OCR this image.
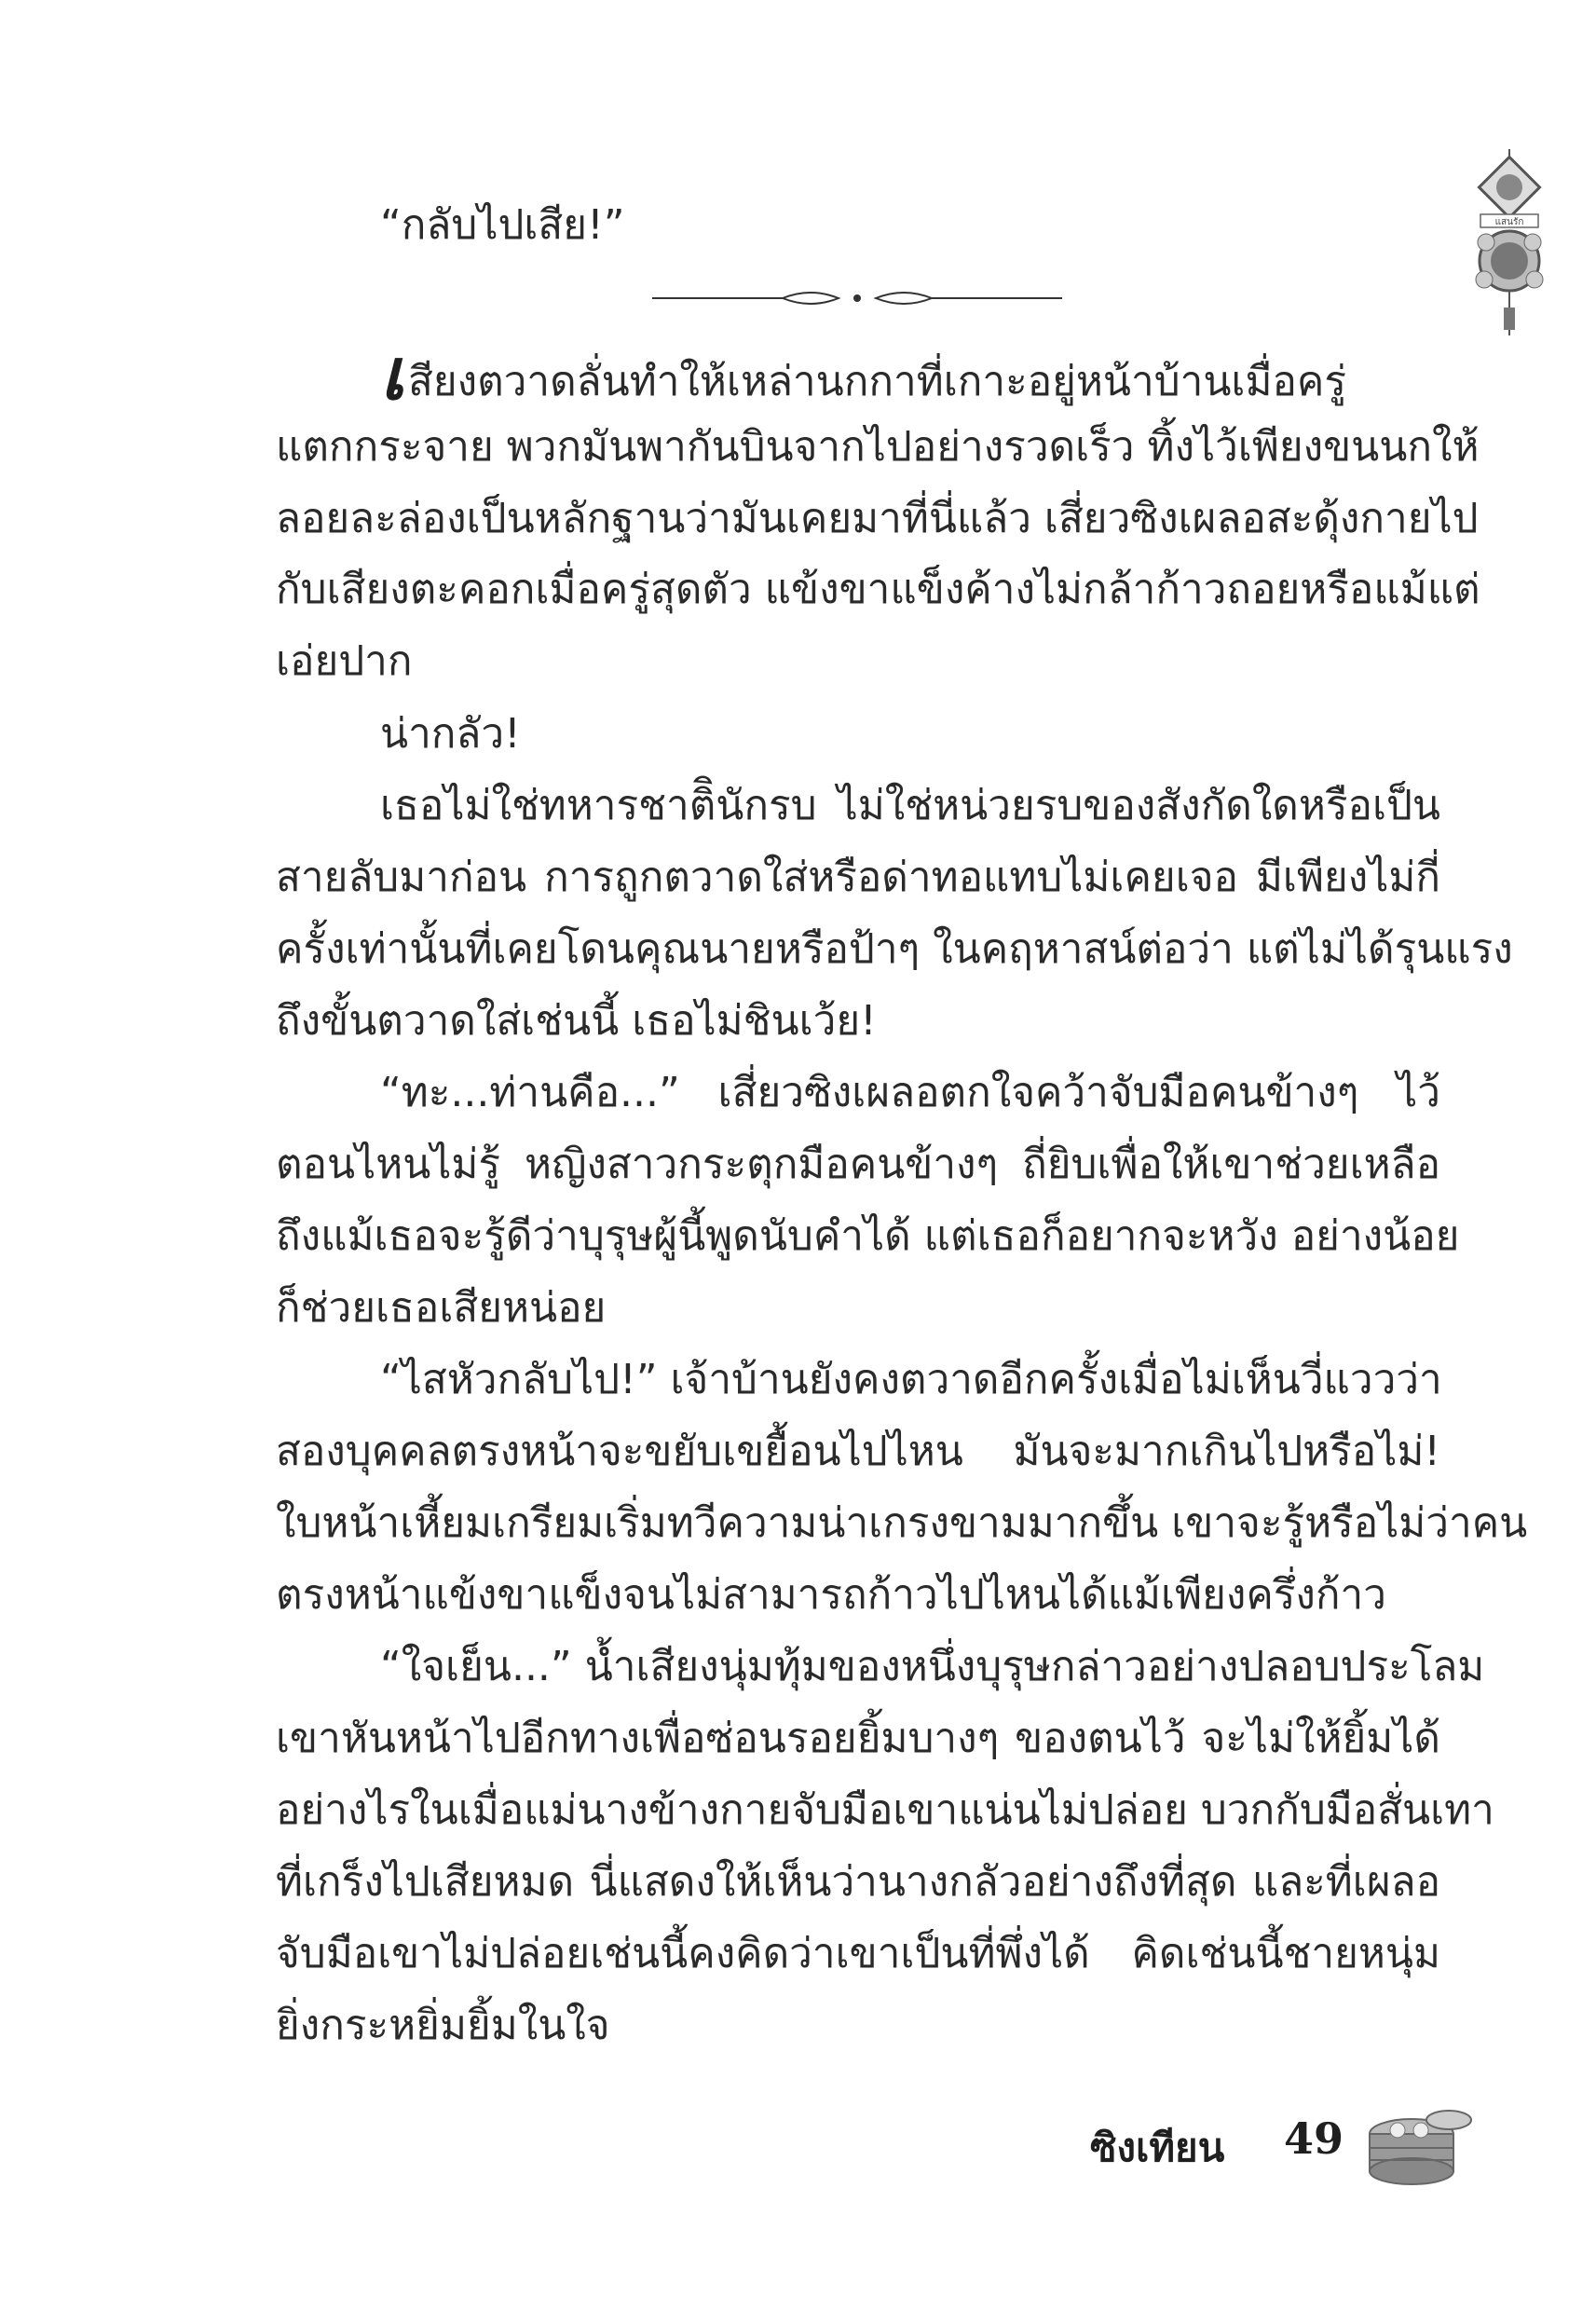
แสนรัก
“กลับไปเสีย!”
เสียงตวาดลั่นทำให้เหล่านกกาที่เกาะอยู่หน้าบ้านเมื่อครู่
แตกกระจาย พวกมันพากันบินจากไปอย่างรวดเร็ว ทิ้งไว้เพียงขนนกให้
ลอยละล่องเป็นหลักฐานว่ามันเคยมาที่นี่แล้ว เสี่ยวซิงเผลอสะดุ้งกายไป
กับเสียงตะคอกเมื่อครู่สุดตัว แข้งขาแข็งค้างไม่กล้าก้าวถอยหรือแม้แต่
เอ่ยปาก
น่ากลัว!
เธอไม่ใช่ทหารชาติินักรบ ไม่ใช่หน่วยรบของสังกัดใดหรือเป็น
สายลับมาก่อน การถูกตวาดใส่หรือด่าทอแทบไม่เคยเจอ มีเพียงไม่กี่
ครั้งเท่านั้นที่เคยโดนคุณนายหรือป้าๆ ในคฤหาสน์ต่อว่า แต่ไม่ได้รุนแรง
ถึงขั้นตวาดใส่เช่นนี้ เธอไม่ชินเว้ย!
“ทะ...ท่านคือ...” เสี่ยวซิงเผลอตกใจคว้าจับมือคนข้างๆ ไว้
ตอนไหนไม่รู้ หญิงสาวกระตุกมือคนข้างๆ ถี่ยิบเพื่อให้เขาช่วยเหลือ
ถึงแม้เธอจะรู้ดีว่าบุรุษผู้นี้พูดนับคำได้ แต่เธอก็อยากจะหวัง อย่างน้อย
ก็ช่วยเธอเสียหน่อย
“ไสหัวกลับไป!” เจ้าบ้านยังคงตวาดอีกครั้งเมื่อไม่เห็นวี่แววว่า
สองบุคคลตรงหน้าจะขยับเขยื้อนไปไหน มันจะมากเกินไปหรือไม่!
ใบหน้าเหี้ยมเกรียมเริ่มทวีความน่าเกรงขามมากขึ้น เขาจะรู้หรือไม่ว่าคน
ตรงหน้าแข้งขาแข็งจนไม่สามารถก้าวไปไหนได้แม้เพียงครึ่งก้าว
“ใจเย็น...” น้ำเสียงนุ่มทุ้มของหนึ่งบุรุษกล่าวอย่างปลอบประโลม
เขาหันหน้าไปอีกทางเพื่อซ่อนรอยยิ้มบางๆ ของตนไว้ จะไม่ให้ยิ้มได้
อย่างไรในเมื่อแม่นางข้างกายจับมือเขาแน่นไม่ปล่อย บวกกับมือสั่นเทา
ที่เกร็งไปเสียหมด นี่แสดงให้เห็นว่านางกลัวอย่างถึงที่สุด และที่เผลอ
จับมือเขาไม่ปล่อยเช่นนี้คงคิดว่าเขาเป็นที่พึ่งได้ คิดเช่นนี้ชายหนุ่ม
ยิ่งกระหยิ่มยิ้มในใจ
ซิงเทียน 49
